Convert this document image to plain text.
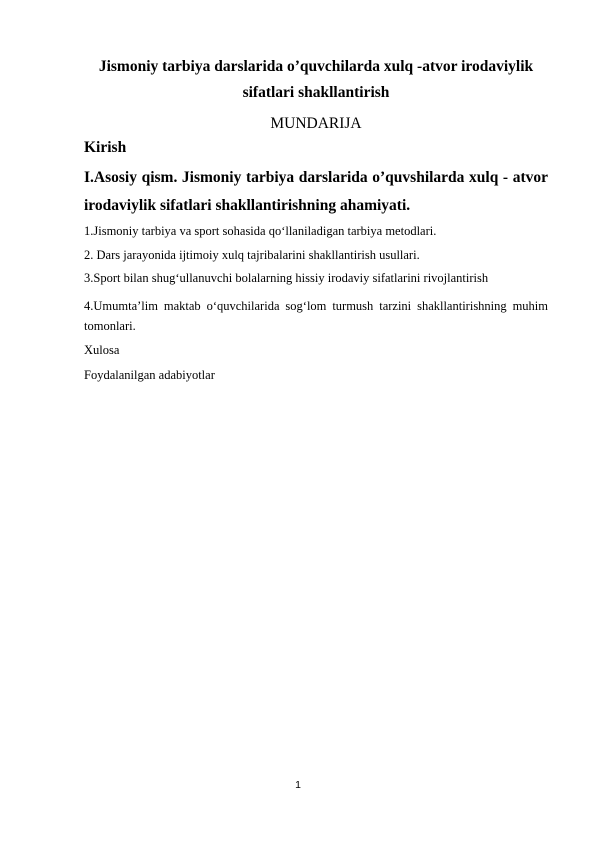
Jismoniy tarbiya darslarida o’quvchilarda xulq -atvor irodaviylik sifatlari shakllantirish
MUNDARIJA
Kirish
I.Asosiy qism. Jismoniy tarbiya darslarida o’quvshilarda xulq - atvor irodaviylik sifatlari shakllantirishning ahamiyati.
1.Jismoniy tarbiya va sport sohasida qo‘llaniladigan tarbiya metodlari.
2. Dars jarayonida ijtimoiy xulq tajribalarini shakllantirish usullari.
3.Sport bilan shug‘ullanuvchi bolalarning hissiy irodaviy sifatlarini rivojlantirish
4.Umumta’lim maktab o‘quvchilarida sog‘lom turmush tarzini shakllantirishning muhim tomonlari.
Xulosa
Foydalanilgan adabiyotlar
1
